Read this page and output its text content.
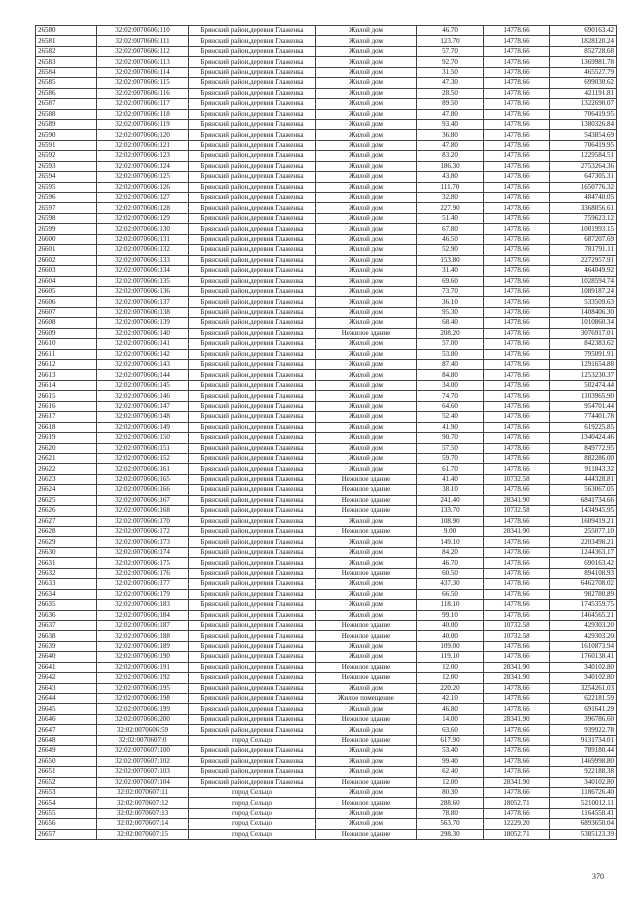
26580	32:02:0070606:110	Брянский район,деревня Глаженка	Жилой дом	46.70	14778.66	690163.42
26581	32:02:0070606:111	Брянский район,деревня Глаженка	Жилой дом	123.70	14778.66	1828120.24
26582	32:02:0070606:112	Брянский район,деревня Глаженка	Жилой дом	57.70	14778.66	852728.68
26583	32:02:0070606:113	Брянский район,деревня Глаженка	Жилой дом	92.70	14778.66	1369981.78
26584	32:02:0070606:114	Брянский район,деревня Глаженка	Жилой дом	31.50	14778.66	465527.79
26585	32:02:0070606:115	Брянский район,деревня Глаженка	Жилой дом	47.30	14778.66	699030.62
26586	32:02:0070606:116	Брянский район,деревня Глаженка	Жилой дом	28.50	14778.66	421191.81
26587	32:02:0070606:117	Брянский район,деревня Глаженка	Жилой дом	89.50	14778.66	1322690.07
26588	32:02:0070606:118	Брянский район,деревня Глаженка	Жилой дом	47.80	14778.66	706419.95
26589	32:02:0070606:119	Брянский район,деревня Глаженка	Жилой дом	93.40	14778.66	1380326.84
26590	32:02:0070606:120	Брянский район,деревня Глаженка	Жилой дом	36.80	14778.66	543854.69
26591	32:02:0070606:121	Брянский район,деревня Глаженка	Жилой дом	47.80	14778.66	706419.95
26592	32:02:0070606:123	Брянский район,деревня Глаженка	Жилой дом	83.20	14778.66	1229584.51
26593	32:02:0070606:124	Брянский район,деревня Глаженка	Жилой дом	186.30	14778.66	2753264.36
26594	32:02:0070606:125	Брянский район,деревня Глаженка	Жилой дом	43.80	14778.66	647305.31
26595	32:02:0070606:126	Брянский район,деревня Глаженка	Жилой дом	111.70	14778.66	1650776.32
26596	32:02:0070606:127	Брянский район,деревня Глаженка	Жилой дом	32.80	14778.66	484740.05
26597	32:02:0070606:128	Брянский район,деревня Глаженка	Жилой дом	227.90	14778.66	3368056.61
26598	32:02:0070606:129	Брянский район,деревня Глаженка	Жилой дом	51.40	14778.66	759623.12
26599	32:02:0070606:130	Брянский район,деревня Глаженка	Жилой дом	67.80	14778.66	1001993.15
26600	32:02:0070606:131	Брянский район,деревня Глаженка	Жилой дом	46.50	14778.66	687207.69
26601	32:02:0070606:132	Брянский район,деревня Глаженка	Жилой дом	52.90	14778.66	781791.11
26602	32:02:0070606:133	Брянский район,деревня Глаженка	Жилой дом	153.80	14778.66	2272957.91
26603	32:02:0070606:134	Брянский район,деревня Глаженка	Жилой дом	31.40	14778.66	464049.92
26604	32:02:0070606:135	Брянский район,деревня Глаженка	Жилой дом	69.60	14778.66	1028594.74
26605	32:02:0070606:136	Брянский район,деревня Глаженка	Жилой дом	73.70	14778.66	1089187.24
26606	32:02:0070606:137	Брянский район,деревня Глаженка	Жилой дом	36.10	14778.66	533509.63
26607	32:02:0070606:138	Брянский район,деревня Глаженка	Жилой дом	95.30	14778.66	1408406.30
26608	32:02:0070606:139	Брянский район,деревня Глаженка	Жилой дом	68.40	14778.66	1010860.34
26609	32:02:0070606:140	Брянский район,деревня Глаженка	Нежилое здание	208.20	14778.66	3076917.01
26610	32:02:0070606:141	Брянский район,деревня Глаженка	Жилой дом	57.00	14778.66	842383.62
26611	32:02:0070606:142	Брянский район,деревня Глаженка	Жилой дом	53.80	14778.66	795091.91
26612	32:02:0070606:143	Брянский район,деревня Глаженка	Жилой дом	87.40	14778.66	1291654.88
26613	32:02:0070606:144	Брянский район,деревня Глаженка	Жилой дом	84.80	14778.66	1253230.37
26614	32:02:0070606:145	Брянский район,деревня Глаженка	Жилой дом	34.00	14778.66	502474.44
26615	32:02:0070606:146	Брянский район,деревня Глаженка	Жилой дом	74.70	14778.66	1103965.90
26616	32:02:0070606:147	Брянский район,деревня Глаженка	Жилой дом	64.60	14778.66	954701.44
26617	32:02:0070606:148	Брянский район,деревня Глаженка	Жилой дом	52.40	14778.66	774401.78
26618	32:02:0070606:149	Брянский район,деревня Глаженка	Жилой дом	41.90	14778.66	619225.85
26619	32:02:0070606:150	Брянский район,деревня Глаженка	Жилой дом	90.70	14778.66	1340424.46
26620	32:02:0070606:151	Брянский район,деревня Глаженка	Жилой дом	57.50	14778.66	849772.95
26621	32:02:0070606:152	Брянский район,деревня Глаженка	Жилой дом	59.70	14778.66	882286.00
26622	32:02:0070606:161	Брянский район,деревня Глаженка	Жилой дом	61.70	14778.66	911843.32
26623	32:02:0070606:165	Брянский район,деревня Глаженка	Нежилое здание	41.40	10732.58	444328.81
26624	32:02:0070606:166	Брянский район,деревня Глаженка	Нежилое здание	38.10	14778.66	563067.05
26625	32:02:0070606:167	Брянский район,деревня Глаженка	Нежилое здание	241.40	28341.90	6841734.66
26626	32:02:0070606:168	Брянский район,деревня Глаженка	Нежилое здание	133.70	10732.58	1434945.95
26627	32:02:0070606:170	Брянский район,деревня Глаженка	Жилой дом	108.90	14778.66	1609419.21
26628	32:02:0070606:172	Брянский район,деревня Глаженка	Нежилое здание	9.00	28341.90	255077.10
26629	32:02:0070606:173	Брянский район,деревня Глаженка	Жилой дом	149.10	14778.66	2203498.21
26630	32:02:0070606:174	Брянский район,деревня Глаженка	Жилой дом	84.20	14778.66	1244363.17
26631	32:02:0070606:175	Брянский район,деревня Глаженка	Жилой дом	46.70	14778.66	690163.42
26632	32:02:0070606:176	Брянский район,деревня Глаженка	Нежилое здание	60.50	14778.66	894108.93
26633	32:02:0070606:177	Брянский район,деревня Глаженка	Жилой дом	437.30	14778.66	6462708.02
26634	32:02:0070606:179	Брянский район,деревня Глаженка	Жилой дом	66.50	14778.66	982780.89
26635	32:02:0070606:183	Брянский район,деревня Глаженка	Жилой дом	118.10	14778.66	1745359.75
26636	32:02:0070606:184	Брянский район,деревня Глаженка	Жилой дом	99.10	14778.66	1464565.21
26637	32:02:0070606:187	Брянский район,деревня Глаженка	Нежилое здание	40.00	10732.58	429303.20
26638	32:02:0070606:188	Брянский район,деревня Глаженка	Нежилое здание	40.00	10732.58	429303.20
26639	32:02:0070606:189	Брянский район,деревня Глаженка	Жилой дом	109.00	14778.66	1610873.94
26640	32:02:0070606:190	Брянский район,деревня Глаженка	Жилой дом	119.10	14778.66	1760138.41
26641	32:02:0070606:191	Брянский район,деревня Глаженка	Нежилое здание	12.00	28341.90	340102.80
26642	32:02:0070606:192	Брянский район,деревня Глаженка	Нежилое здание	12.00	28341.90	340102.80
26643	32:02:0070606:195	Брянский район,деревня Глаженка	Жилой дом	220.20	14778.66	3254261.03
26644	32:02:0070606:198	Брянский район,деревня Глаженка	Жилое помещение	42.10	14778.66	622181.59
26645	32:02:0070606:199	Брянский район,деревня Глаженка	Жилой дом	46.80	14778.66	691641.29
26646	32:02:0070606:200	Брянский район,деревня Глаженка	Нежилое здание	14.00	28341.90	396786.60
26647	32:02:0070606:59	Брянский район,деревня Глаженка	Жилой дом	63.60	14778.66	939922.78
26648	32:02:0070607:0	город Сельцо	Нежилое здание	617.90	14778.66	9131734.01
26649	32:02:0070607:100	Брянский район,деревня Глаженка	Жилой дом	53.40	14778.66	789180.44
26650	32:02:0070607:102	Брянский район,деревня Глаженка	Жилой дом	99.40	14778.66	1469998.80
26651	32:02:0070607:103	Брянский район,деревня Глаженка	Жилой дом	62.40	14778.66	922188.38
26652	32:02:0070607:104	Брянский район,деревня Глаженка	Нежилое здание	12.00	28341.90	340102.80
26653	32:02:0070607:11	город Сельцо	Жилой дом	80.30	14778.66	1186726.40
26654	32:02:0070607:12	город Сельцо	Нежилое здание	288.60	18052.71	5210012.11
26655	32:02:0070607:13	город Сельцо	Жилой дом	78.80	14778.66	1164558.41
26656	32:02:0070607:14	город Сельцо	Жилой дом	563.70	12229.20	6893650.04
26657	32:02:0070607:15	город Сельцо	Нежилое здание	298.30	18052.71	5385123.39
370
